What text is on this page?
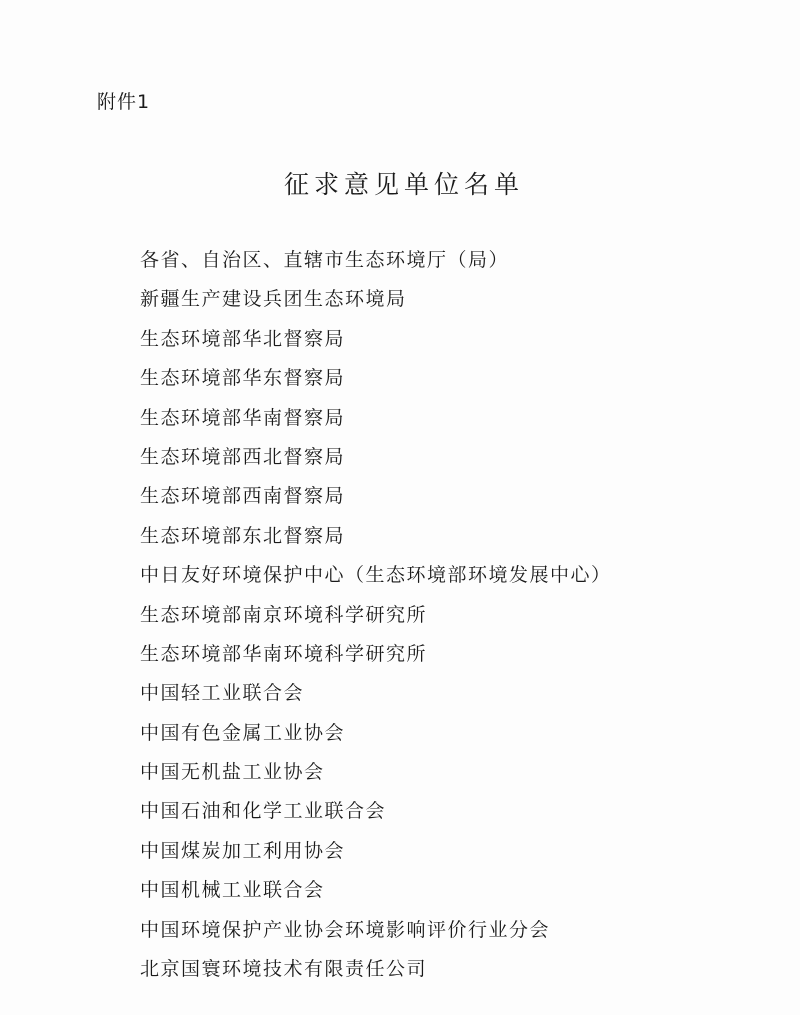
附件1
征求意见单位名单
各省、自治区、直辖市生态环境厅（局）
新疆生产建设兵团生态环境局
生态环境部华北督察局
生态环境部华东督察局
生态环境部华南督察局
生态环境部西北督察局
生态环境部西南督察局
生态环境部东北督察局
中日友好环境保护中心（生态环境部环境发展中心）
生态环境部南京环境科学研究所
生态环境部华南环境科学研究所
中国轻工业联合会
中国有色金属工业协会
中国无机盐工业协会
中国石油和化学工业联合会
中国煤炭加工利用协会
中国机械工业联合会
中国环境保护产业协会环境影响评价行业分会
北京国寰环境技术有限责任公司
